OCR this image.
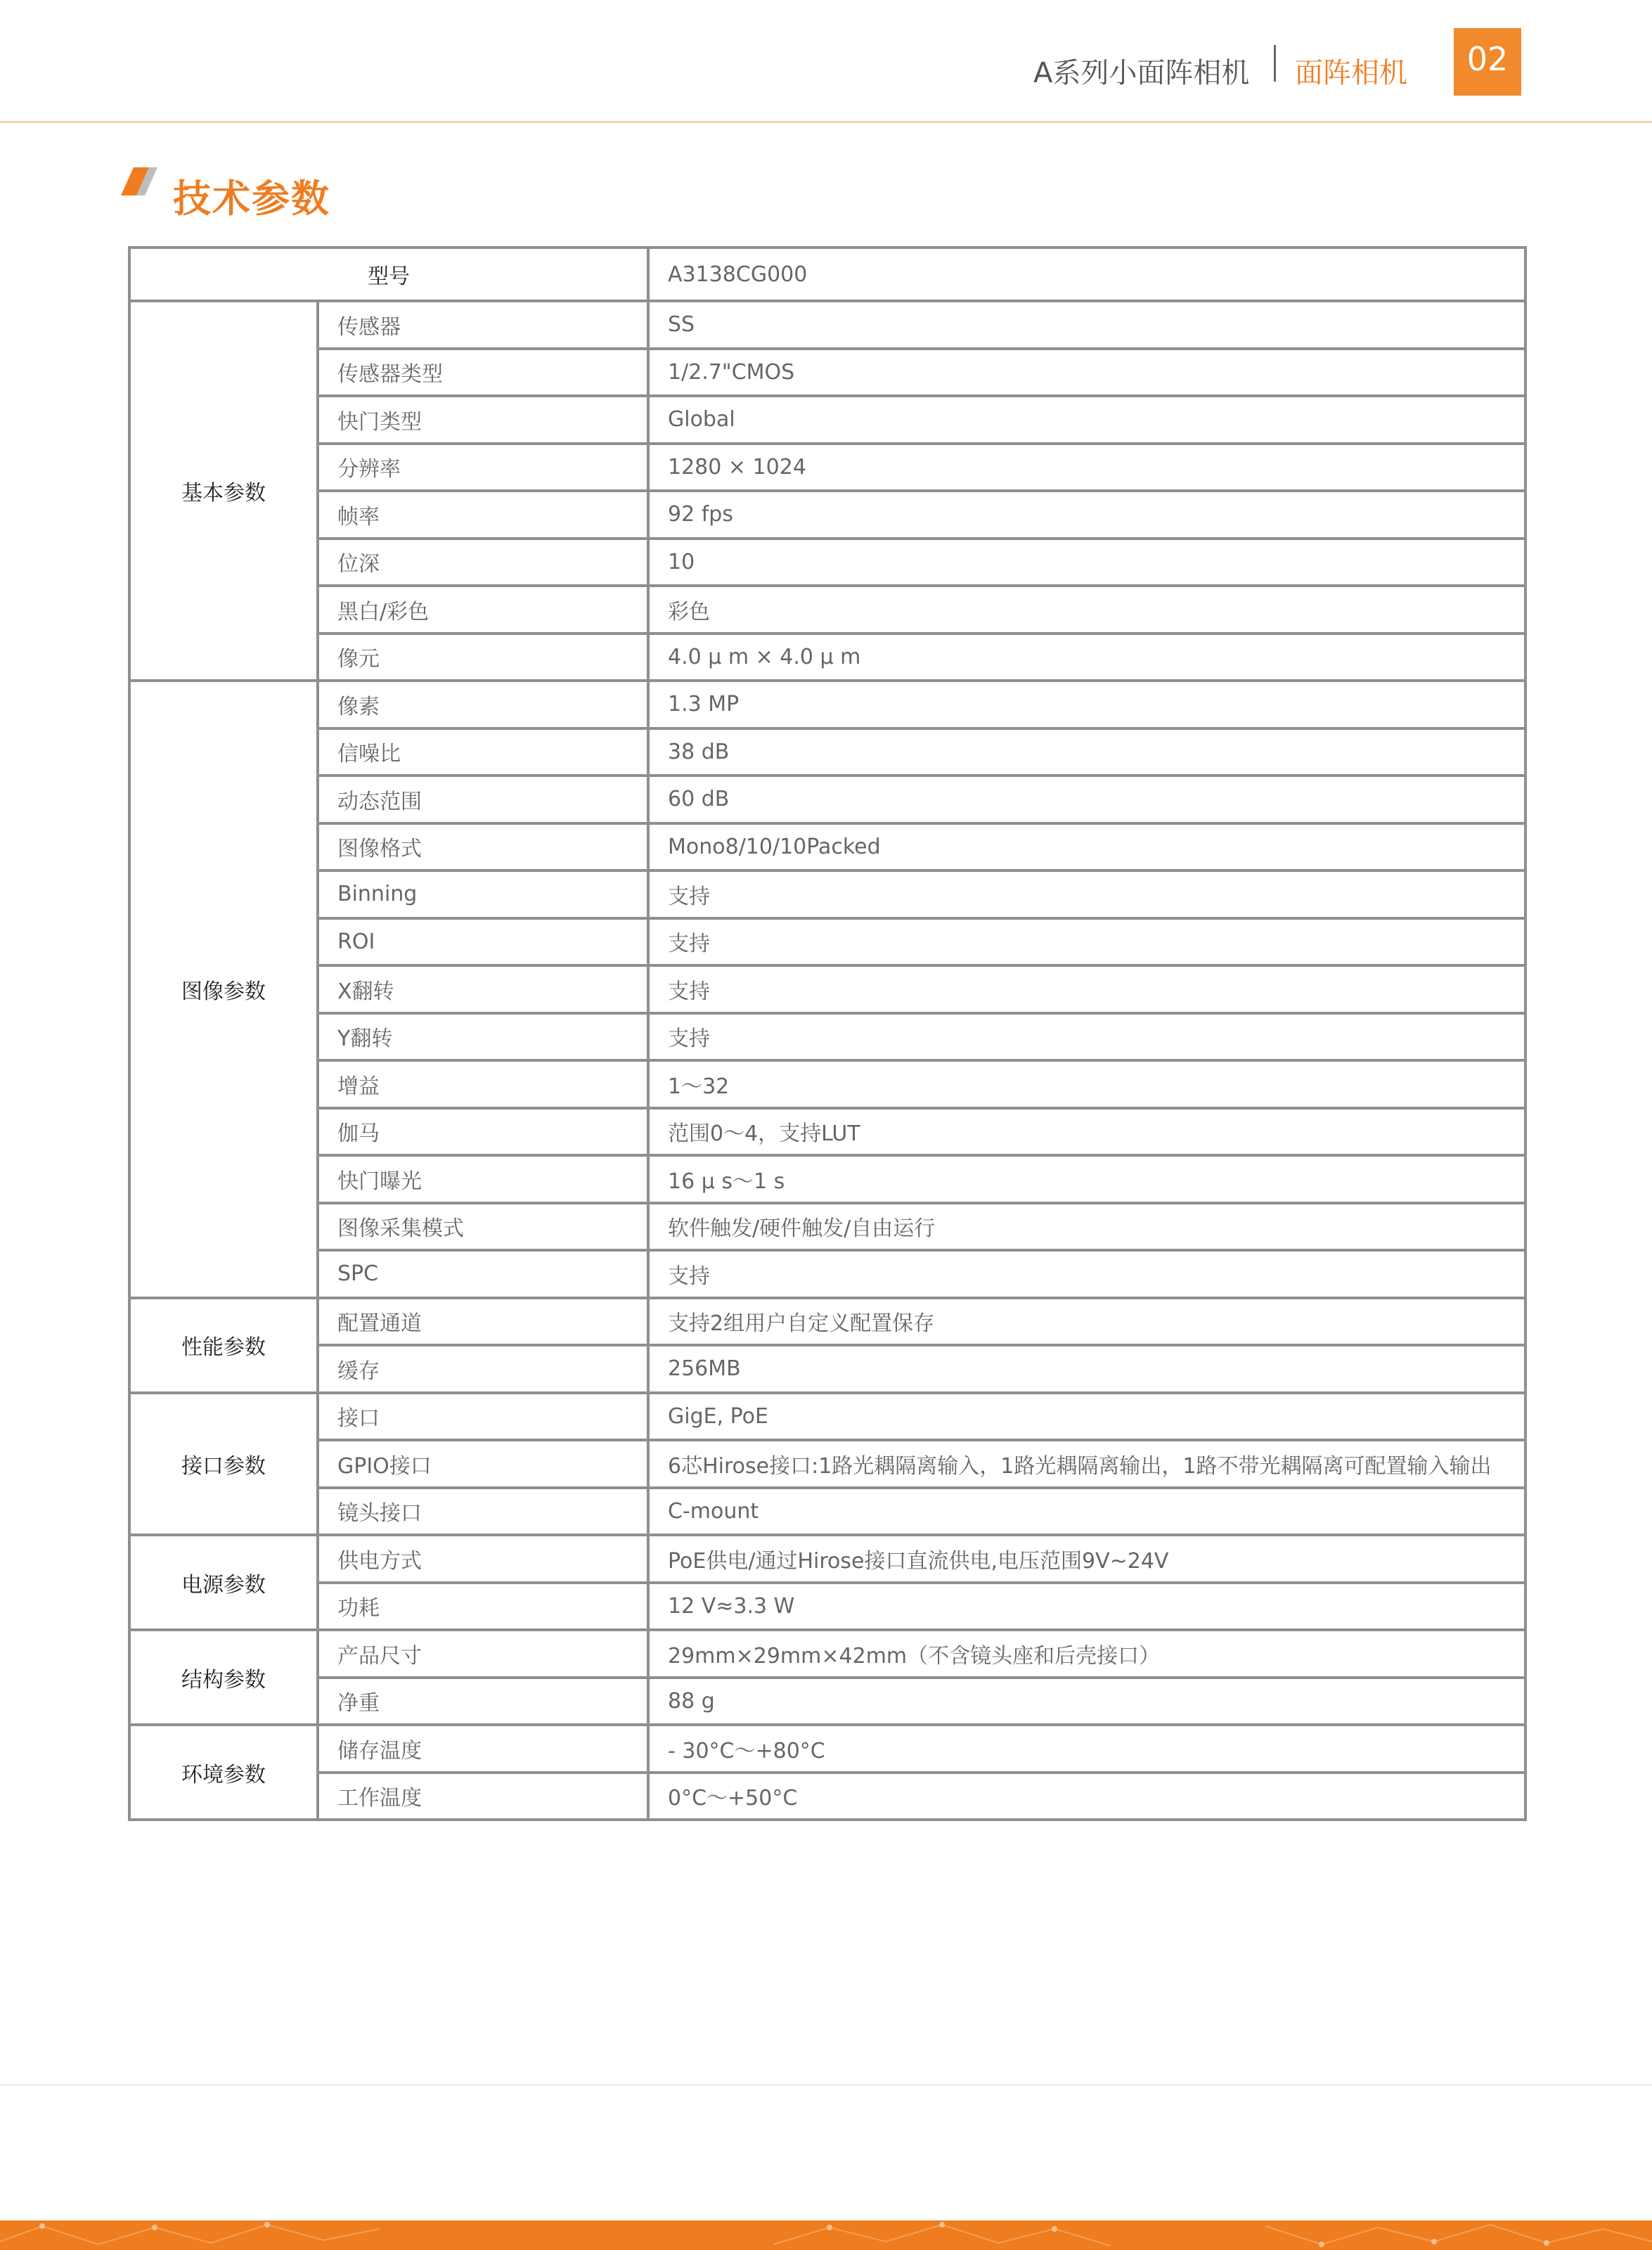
A系列小面阵相机 面阵相机 02
技术参数
型号		A3138CG000
基本参数	传感器	SS
	传感器类型	1/2.7"CMOS
	快门类型	Global
	分辨率	1280 × 1024
	帧率	92 fps
	位深	10
	黑白/彩色	彩色
	像元	4.0 μ m × 4.0 μ m
图像参数	像素	1.3 MP
	信噪比	38 dB
	动态范围	60 dB
	图像格式	Mono8/10/10Packed
	Binning	支持
	ROI	支持
	X翻转	支持
	Y翻转	支持
	增益	1～32
	伽马	范围0～4，支持LUT
	快门曝光	16 μ s～1 s
	图像采集模式	软件触发/硬件触发/自由运行
	SPC	支持
性能参数	配置通道	支持2组用户自定义配置保存
	缓存	256MB
接口参数	接口	GigE, PoE
	GPIO接口	6芯Hirose接口:1路光耦隔离输入，1路光耦隔离输出，1路不带光耦隔离可配置输入输出
	镜头接口	C-mount
电源参数	供电方式	PoE供电/通过Hirose接口直流供电,电压范围9V~24V
	功耗	12 V≈3.3 W
结构参数	产品尺寸	29mm×29mm×42mm（不含镜头座和后壳接口）
	净重	88 g
环境参数	储存温度	- 30°C～+80°C
	工作温度	0°C～+50°C
